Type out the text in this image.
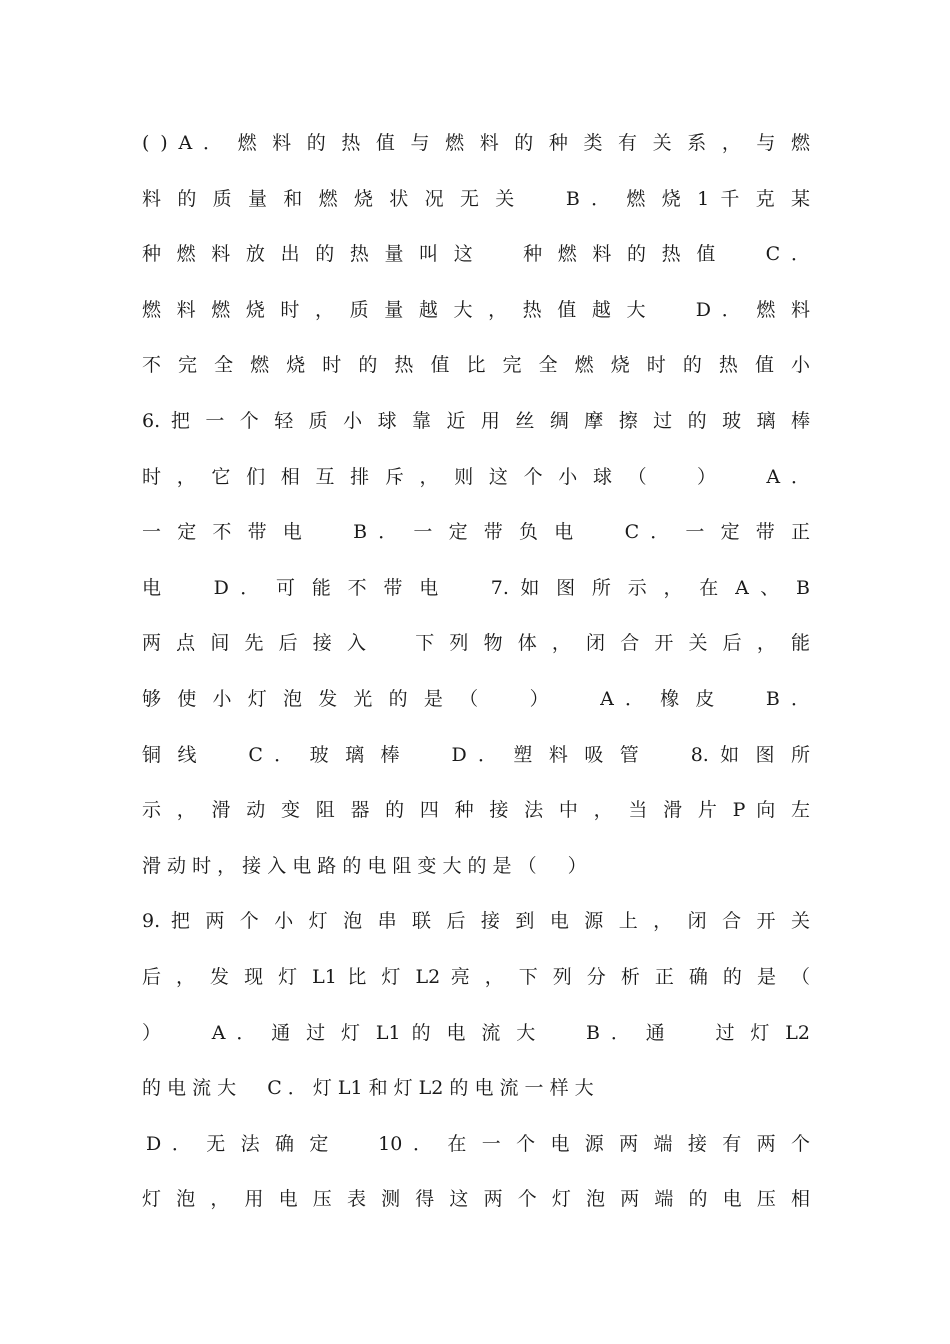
( ) A ． 燃 料 的 热 值 与 燃 料 的 种 类 有 关 系 ， 与 燃
料 的 质 量 和 燃 烧 状 况 无 关 　 B ． 燃 烧 1 千 克 某
种 燃 料 放 出 的 热 量 叫 这 　 种 燃 料 的 热 值 　 C ．
燃 料 燃 烧 时 ， 质 量 越 大 ， 热 值 越 大 　 D ． 燃 料
不 完 全 燃 烧 时 的 热 值 比 完 全 燃 烧 时 的 热 值 小
6. 把 一 个 轻 质 小 球 靠 近 用 丝 绸 摩 擦 过 的 玻 璃 棒
时 ， 它 们 相 互 排 斥 ， 则 这 个 小 球 （ 　 ） 　 A ．
一 定 不 带 电 　 B ． 一 定 带 负 电 　 C ． 一 定 带 正
电 　 D ． 可 能 不 带 电 　 7. 如 图 所 示 ， 在 A 、 B
两 点 间 先 后 接 入 　 下 列 物 体 ， 闭 合 开 关 后 ， 能
够 使 小 灯 泡 发 光 的 是 （ 　 ） 　 A ． 橡 皮 　 B ．
铜 线 　 C ． 玻 璃 棒 　 D ． 塑 料 吸 管 　 8. 如 图 所
示 ， 滑 动 变 阻 器 的 四 种 接 法 中 ， 当 滑 片 P 向 左
滑 动 时 ， 接 入 电 路 的 电 阻 变 大 的 是 （ 　 ）
9. 把 两 个 小 灯 泡 串 联 后 接 到 电 源 上 ， 闭 合 开 关
后 ， 发 现 灯 L1 比 灯 L2 亮 ， 下 列 分 析 正 确 的 是 （
） 　 A ． 通 过 灯 L1 的 电 流 大 　 B ． 通 　 过 灯 L2
的 电 流 大 　 C ． 灯 L1 和 灯 L2 的 电 流 一 样 大
D ． 无 法 确 定 　 10 ． 在 一 个 电 源 两 端 接 有 两 个
灯 泡 ， 用 电 压 表 测 得 这 两 个 灯 泡 两 端 的 电 压 相
